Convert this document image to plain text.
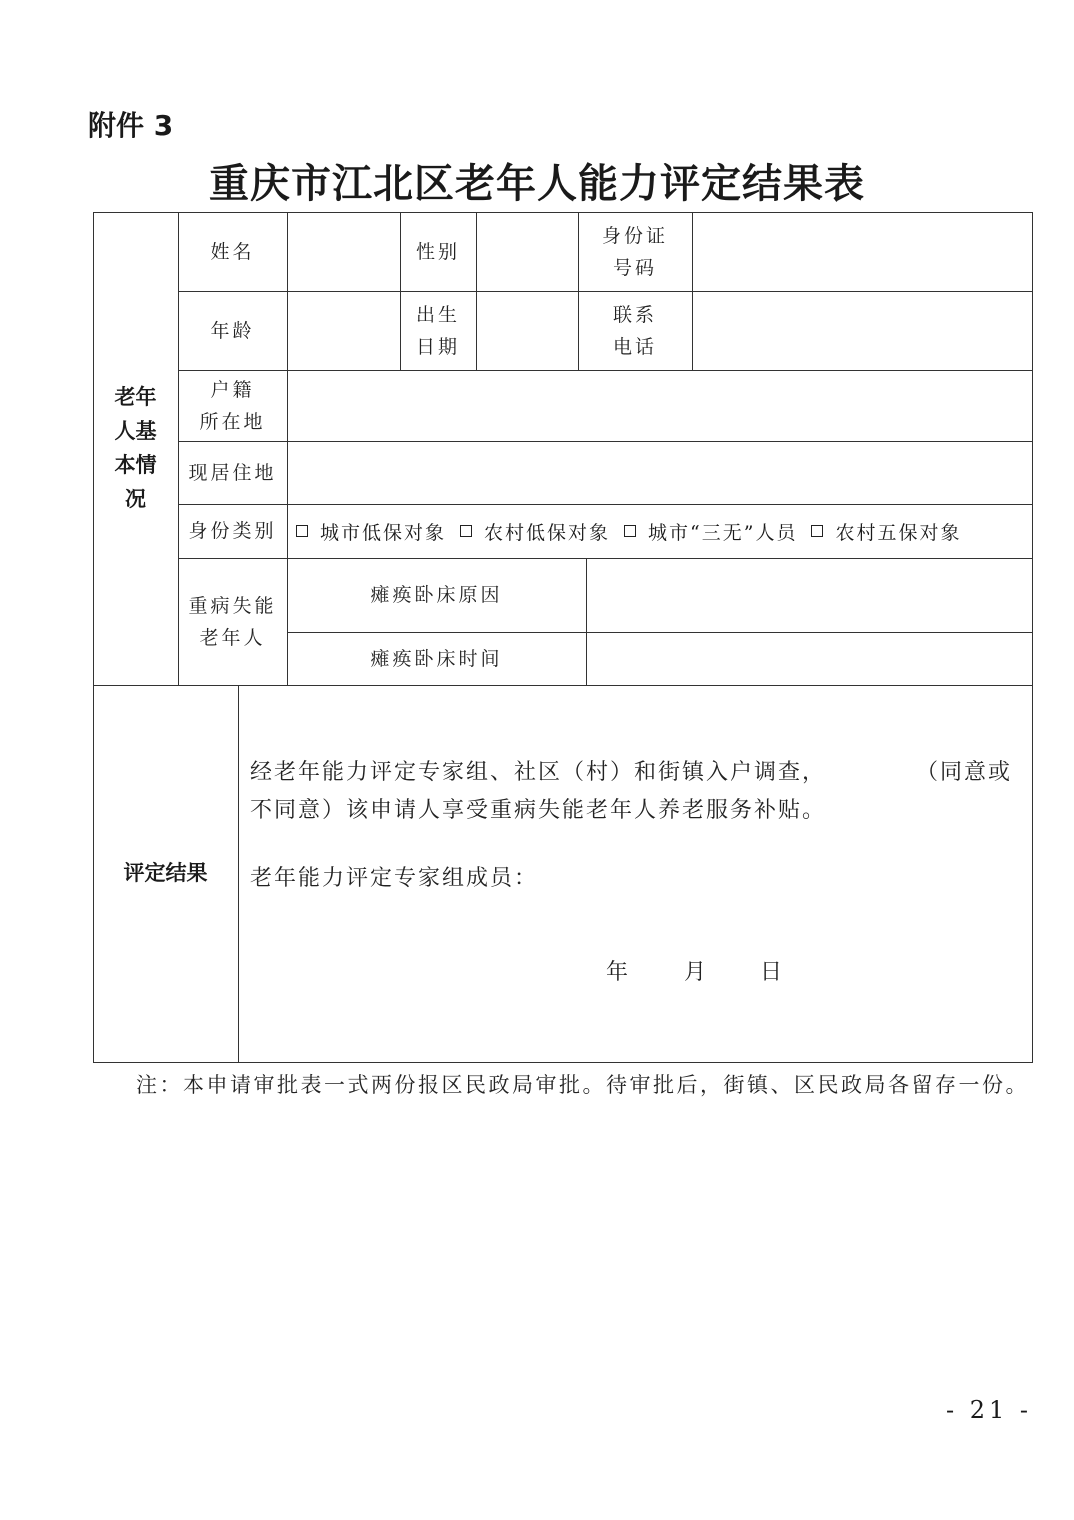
附件 3
重庆市江北区老年人能力评定结果表
老年
人基
本情
况
姓名	性别
身份证
号码
年龄
出生
日期
联系
电话
户籍
所在地
现居住地
身份类别 城市低保对象 农村低保对象 城市“三无”人员 农村五保对象
重病失能
老年人
瘫痪卧床原因
瘫痪卧床时间
评定结果
经老年能力评定专家组、社区（村）和街镇入户调查，	（同意或
不同意）该申请人享受重病失能老年人养老服务补贴。
老年能力评定专家组成员：
年 月 日
注：本申请审批表一式两份报区民政局审批。待审批后，街镇、区民政局各留存一份。
- 21 -
